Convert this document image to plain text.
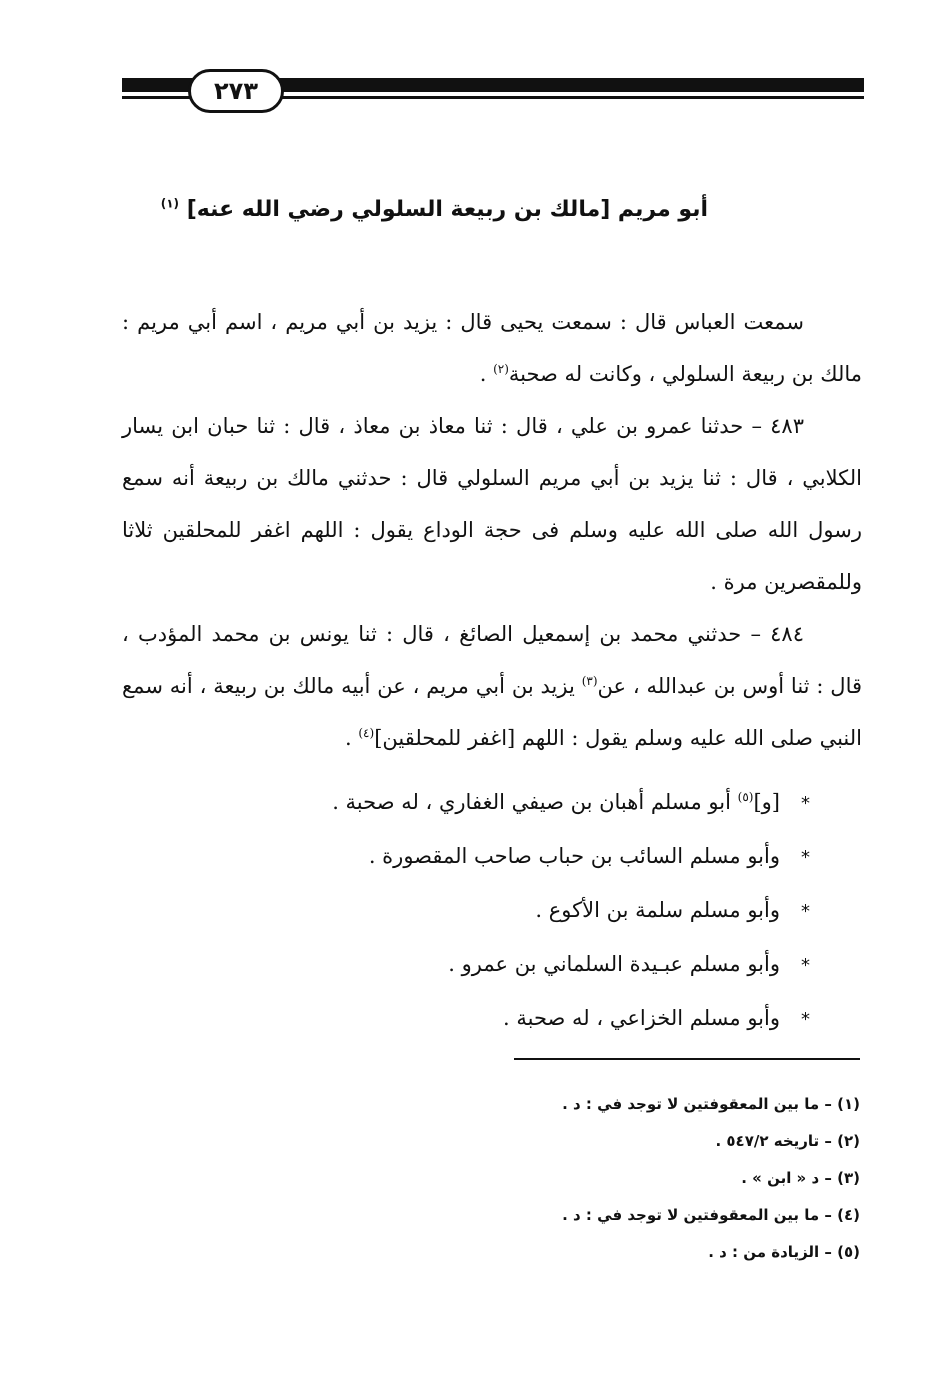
٢٧٣
أبو مريم [مالك بن ربيعة السلولي رضي الله عنه] $^{(١)}$

سمعت العباس قال : سمعت يحيى قال : يزيد بن أبي مريم ، اسم أبي مريم : مالك بن ربيعة السلولي ، وكانت له صحبة$^{(٢)}$ .

٤٨٣ – حدثنا عمرو بن علي ، قال : ثنا معاذ بن معاذ ، قال : ثنا حبان ابن يسار الكلابي ، قال : ثنا يزيد بن أبي مريم السلولي قال : حدثني مالك بن ربيعة أنه سمع رسول الله صلى الله عليه وسلم فى حجة الوداع يقول : اللهم اغفر للمحلقين ثلاثا وللمقصرين مرة .

٤٨٤ – حدثني محمد بن إسمعيل الصائغ ، قال : ثنا يونس بن محمد المؤدب ، قال : ثنا أوس بن عبدالله ، عن$^{(٣)}$ يزيد بن أبي مريم ، عن أبيه مالك بن ربيعة ، أنه سمع النبي صلى الله عليه وسلم يقول : اللهم [اغفر للمحلقين]$^{(٤)}$ .

*[و]$^{(٥)}$ أبو مسلم أهبان بن صيفي الغفاري ، له صحبة .
*وأبو مسلم السائب بن حباب صاحب المقصورة .
*وأبو مسلم سلمة بن الأكوع .
*وأبو مسلم عبـيدة السلماني بن عمرو .
*وأبو مسلم الخزاعي ، له صحبة .
(١) – ما بين المعقوفتين لا توجد في : د .
(٢) – تاريخه ٥٤٧/٢ .
(٣) – د « ابن » .
(٤) – ما بين المعقوفتين لا توجد في : د .
(٥) – الزيادة من : د .
